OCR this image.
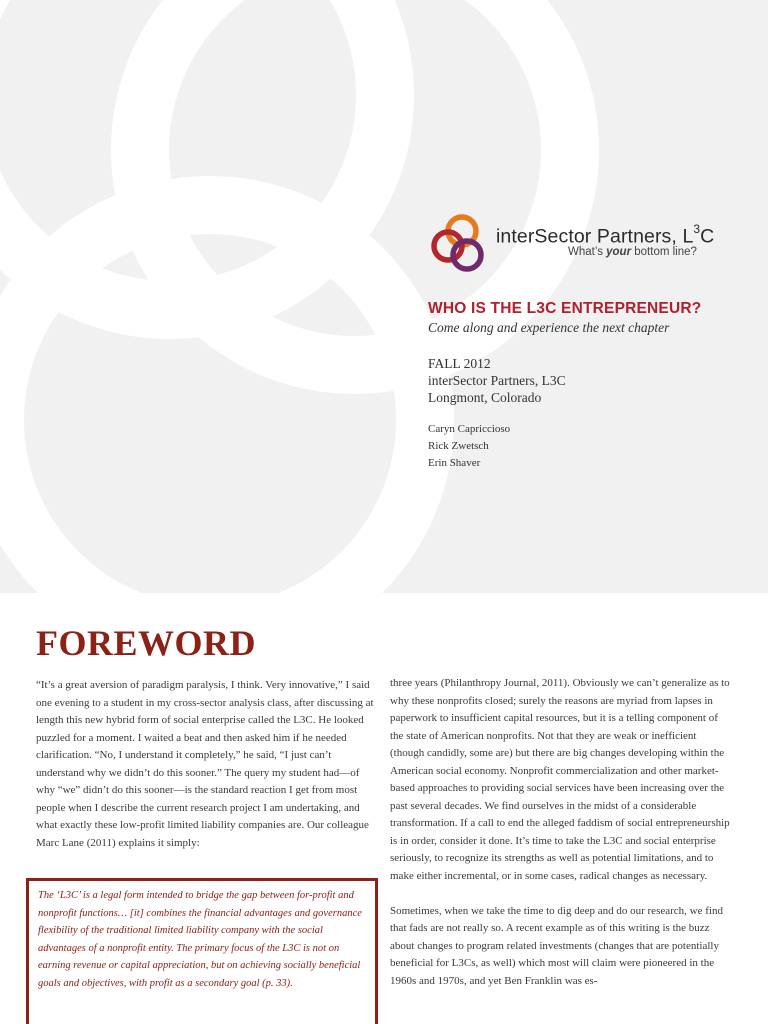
interSector Partners, $L^3C$
What’s your bottom line?
WHO IS THE L3C ENTREPRENEUR?
Come along and experience the next chapter
FALL 2012
interSector Partners, L3C
Longmont, Colorado
Caryn Capriccioso
Rick Zwetsch
Erin Shaver
FOREWORD

“It’s a great aversion of paradigm paralysis, I think. Very innovative,” I said one evening to a student in my cross-sector analysis class, after discussing at length this new hybrid form of social enterprise called the L3C. He looked puzzled for a moment. I waited a beat and then asked him if he needed clarification. “No, I understand it completely,” he said, “I just can’t understand why we didn’t do this sooner.” The query my student had—of why “we” didn’t do this sooner—is the standard reaction I get from most people when I describe the current research project I am undertaking, and what exactly these low-profit limited liability companies are. Our colleague Marc Lane (2011) explains it simply:

The ‘L3C’ is a legal form intended to bridge the gap between for-profit and nonprofit functions… [it] combines the financial advantages and governance flexibility of the traditional limited liability company with the social advantages of a nonprofit entity. The primary focus of the L3C is not on earning revenue or capital appreciation, but on achieving socially beneficial goals and objectives, with profit as a secondary goal (p. 33).

three years (Philanthropy Journal, 2011). Obviously we can’t generalize as to why these nonprofits closed; surely the reasons are myriad from lapses in paperwork to insufficient capital resources, but it is a telling component of the state of American nonprofits. Not that they are weak or inefficient (though candidly, some are) but there are big changes developing within the American social economy. Nonprofit commercialization and other market-based approaches to providing social services have been increasing over the past several decades. We find ourselves in the midst of a considerable transformation. If a call to end the alleged faddism of social entrepreneurship is in order, consider it done. It’s time to take the L3C and social enterprise seriously, to recognize its strengths as well as potential limitations, and to make either incremental, or in some cases, radical changes as necessary.

Sometimes, when we take the time to dig deep and do our research, we find that fads are not really so. A recent example as of this writing is the buzz about changes to program related investments (changes that are potentially beneficial for L3Cs, as well) which most will claim were pioneered in the 1960s and 1970s, and yet Ben Franklin was es-
